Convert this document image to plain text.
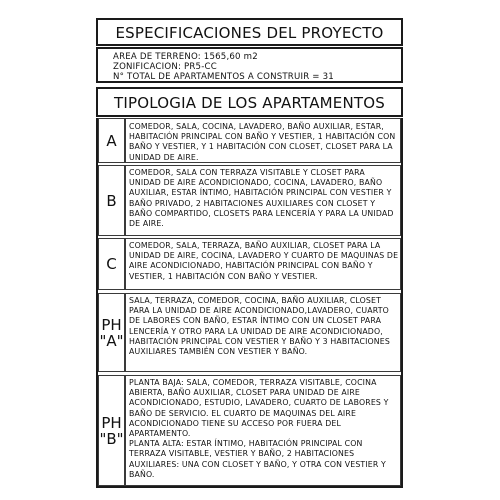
ESPECIFICACIONES DEL PROYECTO
AREA DE TERRENO: 1565,60 m2
ZONIFICACION: PR5-CC
N° TOTAL DE APARTAMENTOS A CONSTRUIR = 31
TIPOLOGIA DE LOS APARTAMENTOS
A

COMEDOR, SALA, COCINA, LAVADERO, BAÑO AUXILIAR, ESTAR, HABITACIÓN PRINCIPAL CON BAÑO Y VESTIER, 1 HABITACIÓN CON BAÑO Y VESTIER, Y 1 HABITACIÓN CON CLOSET, CLOSET PARA LA UNIDAD DE AIRE.

B

COMEDOR, SALA CON TERRAZA VISITABLE Y CLOSET PARA UNIDAD DE AIRE ACONDICIONADO, COCINA, LAVADERO, BAÑO AUXILIAR, ESTAR ÍNTIMO, HABITACIÓN PRINCIPAL CON VESTIER Y BAÑO PRIVADO, 2 HABITACIONES AUXILIARES CON CLOSET Y BAÑO COMPARTIDO, CLOSETS PARA LENCERÍA Y PARA LA UNIDAD DE AIRE.

C

COMEDOR, SALA, TERRAZA, BAÑO AUXILIAR, CLOSET PARA LA UNIDAD DE AIRE, COCINA, LAVADERO Y CUARTO DE MAQUINAS DE AIRE ACONDICIONADO, HABITACIÓN PRINCIPAL CON BAÑO Y VESTIER, 1 HABITACIÓN CON BAÑO Y VESTIER.

PH
"A"

SALA, TERRAZA, COMEDOR, COCINA, BAÑO AUXILIAR, CLOSET PARA LA UNIDAD DE AIRE ACONDICIONADO,LAVADERO, CUARTO DE LABORES CON BAÑO, ESTAR ÍNTIMO CON UN CLOSET PARA LENCERÍA Y OTRO PARA LA UNIDAD DE AIRE ACONDICIONADO, HABITACIÓN PRINCIPAL CON VESTIER Y BAÑO Y 3 HABITACIONES AUXILIARES TAMBIÉN CON VESTIER Y BAÑO.

PH
"B"

PLANTA BAJA: SALA, COMEDOR, TERRAZA VISITABLE, COCINA ABIERTA, BAÑO AUXILIAR, CLOSET PARA UNIDAD DE AIRE ACONDICIONADO, ESTUDIO, LAVADERO, CUARTO DE LABORES Y BAÑO DE SERVICIO. EL CUARTO DE MAQUINAS DEL AIRE ACONDICIONADO TIENE SU ACCESO POR FUERA DEL APARTAMENTO.

PLANTA ALTA: ESTAR ÍNTIMO, HABITACIÓN PRINCIPAL CON TERRAZA VISITABLE, VESTIER Y BAÑO, 2 HABITACIONES AUXILIARES: UNA CON CLOSET Y BAÑO, Y OTRA CON VESTIER Y BAÑO.
